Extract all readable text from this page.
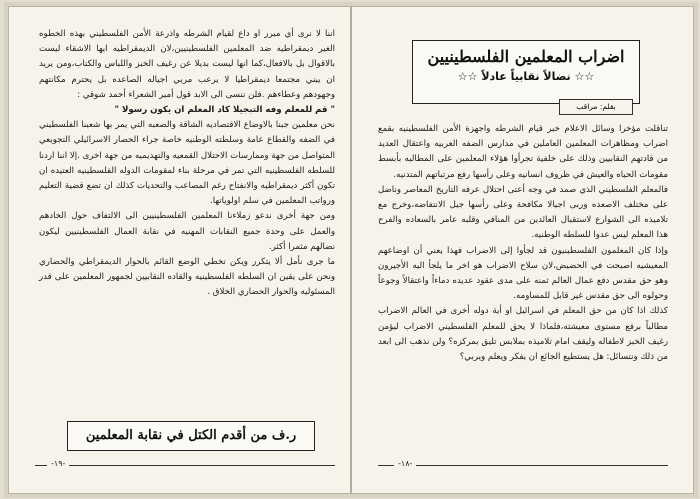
اننا لا نرى أي مبرر او داع لقيام الشرطه واذرعة الأمن الفلسطيني بهذه الخطوه الغير ديمقراطيه ضد المعلمين الفلسطينيين،لان الديمقراطيه ايها الاشقاء ليست بالاقوال بل بالافعال،كما انها ليست بديلا عن رغيف الخبز واللباس والكتاب،ومن يريد ان يبني مجتمعا ديمقراطيا لا يرعب مربي اجياله الصاعده بل يحترم مكانتهم وجهودهم وعطاءهم .فلن ننسى الى الابد قول أمير الشعراء أحمد شوقي :

" قم للمعلم وفه التبجيلا كاد المعلم ان يكون رسولا "

نحن معلمين جبنا بالاوضاع الاقتصاديه الشاقة والصعبه التي يمر بها شعبنا الفلسطيني في الضفه والقطاع عامة وسلطته الوطنيه خاصة جراء الحصار الاسرائيلي التجويعي المتواصل من جهة وممارسات الاحتلال القمعيه والتهديميه من جهة اخرى .إلا اننا اردنا للسلطه الفلسطينيه التي تمر في مرحلة بناء لمقومات الدوله الفلسطينيه العتيده ان تكون أكثر ديمقراطيه والانفتاح رغم المصاعب والتحديات كذلك ان تضع قضية التعليم ورواتب المعلمين في سلم اولوياتها.

ومن جهة أخرى ندعو زملاءنا المعلمين الفلسطينيين الى الالتفاف حول الخادهم والعمل على وحدة جميع النقابات المهنيه في نقابة العمال الفلسطينيين ليكون نضالهم مثمرا أكثر.

ما جرى نأمل ألا يتكرر ويكن تخطي الوضع القائم بالحوار الديمقراطي والحضاري ونحن على يقين ان السلطه الفلسطينيه والقاده النقابيين لجمهور المعلمين على قدر المسئوليه والحوار الحضاري الخلاق .

ر.ف من أقدم الكتل في نقابة المعلمين
-١٩-
اضراب المعلمين الفلسطينيين
☆☆ نضالاً نقابياً عادلاً ☆☆
بقلم: مراقب

تناقلت مؤخرا وسائل الاعلام خبر قيام الشرطه واجهزة الأمن الفلسطينيه بقمع اضراب ومظاهرات المعلمين العاملين في مدارس الضفه الغربيه واعتقال العديد من قادتهم النقابيين وذلك على خلفية تجرأوا هؤلاء المعلمين على المطالبه بأبسط مقومات الحياه والعيش في ظروف انسانيه وعلى رأسها رفع مرتباتهم المتدنيه.

فالمعلم الفلسطيني الذي صمد في وجه أعتى احتلال عرفه التاريخ المعاصر وناضل على مختلف الاصعده وربى اجيالا مكافحة وعلى رأسها جيل الانتفاضه،وخرج مع تلاميذه الى الشوارع لاستقبال العائدين من المنافي وقلبه عامر بالسعاده والفرح هذا المعلم ليس عدوا للسلطه الوطنيه.

وإذا كان المعلمون الفلسطينيون قد لجأوا إلى الاضراب فهذا يعني أن اوضاعهم المعيشيه اصبحت في الحضيض،لان سلاح الاضراب هو اخر ما يلجأ اليه الأجيرون وهو حق مقدس دفع عمال العالم ثمنه على مدى عقود عديده دماءاً واعتقالاً وجوعاً وحولوه الى حق مقدس غير قابل للمساومه.

كذلك اذا كان من حق المعلم في اسرائيل او أية دوله أخرى في العالم الاضراب مطالباً برفع مستوى معيشته،فلماذا لا يحق للمعلم الفلسطيني الاضراب ليؤمن رغيف الخبز لاطفاله وليقف امام تلاميذه بملابس تليق بمركزه؟ ولن نذهب الى ابعد من ذلك ونتسائل: هل يستطيع الجائع ان يفكر ويعلم ويربي؟

-١٨-
